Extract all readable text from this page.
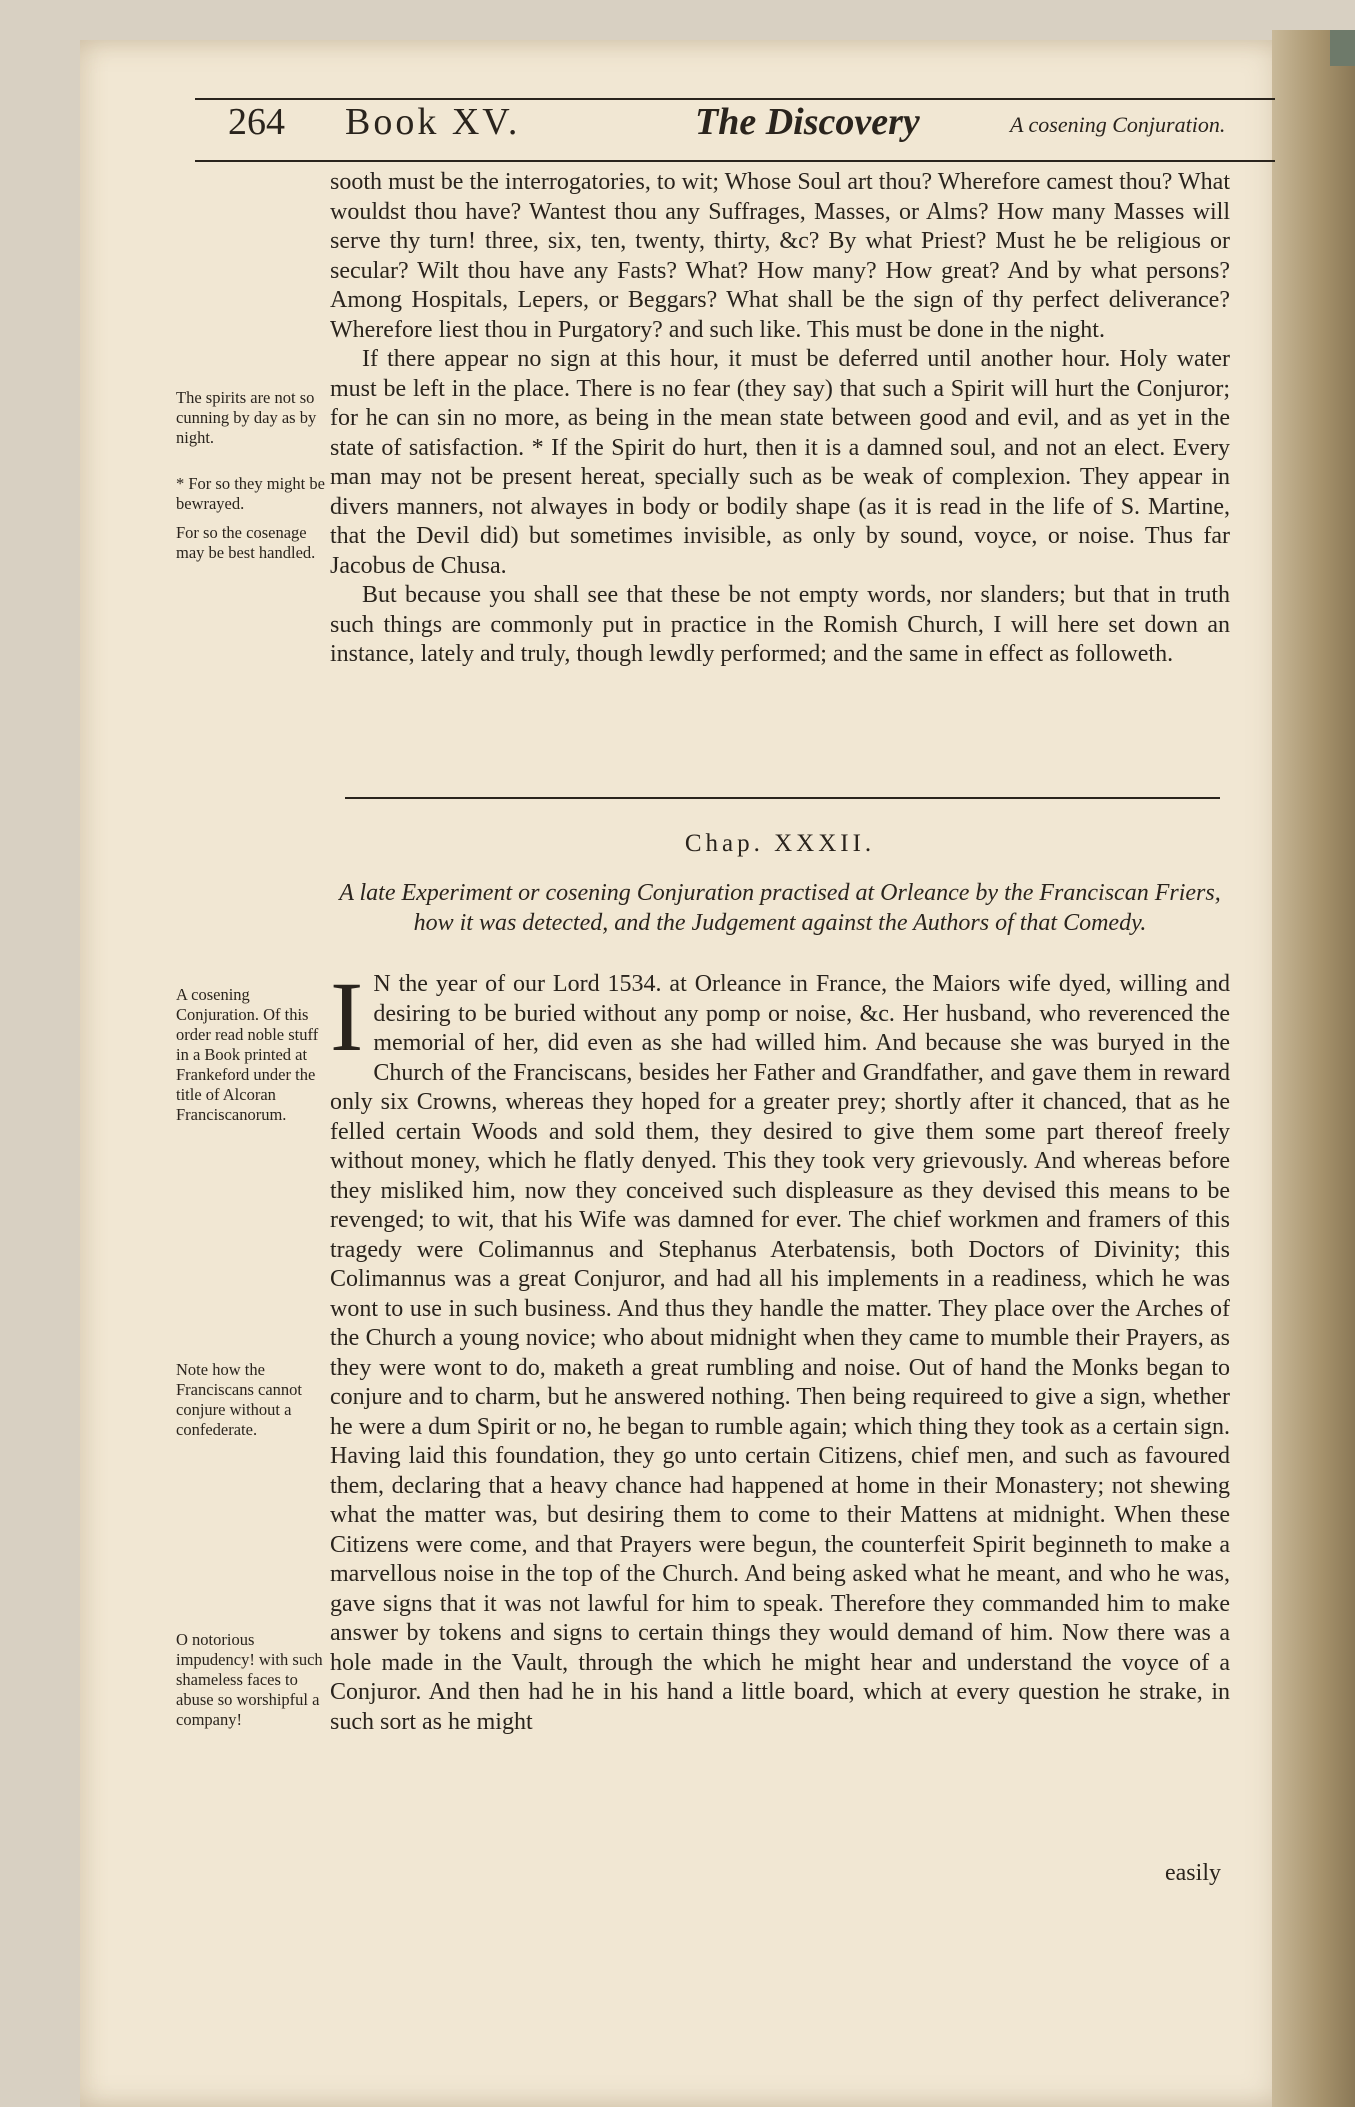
264 Book XV.	The Discovery	A cosening Conjuration.

sooth must be the interrogatories, to wit; Whose Soul art thou? Wherefore camest thou? What wouldst thou have? Wantest thou any Suffrages, Masses, or Alms? How many Masses will serve thy turn! three, six, ten, twenty, thirty, &c? By what Priest? Must he be religious or secular? Wilt thou have any Fasts? What? How many? How great? And by what persons? Among Hospitals, Lepers, or Beggars? What shall be the sign of thy perfect deliverance? Wherefore liest thou in Purgatory? and such like. This must be done in the night.

If there appear no sign at this hour, it must be deferred until another hour. Holy water must be left in the place. There is no fear (they say) that such a Spirit will hurt the Conjuror; for he can sin no more, as being in the mean state between good and evil, and as yet in the state of satisfaction. * If the Spirit do hurt, then it is a damned soul, and not an elect. Every man may not be present hereat, specially such as be weak of complexion. They appear in divers manners, not alwayes in body or bodily shape (as it is read in the life of S. Martine, that the Devil did) but sometimes invisible, as only by sound, voyce, or noise. Thus far Jacobus de Chusa.

But because you shall see that these be not empty words, nor slanders; but that in truth such things are commonly put in practice in the Romish Church, I will here set down an instance, lately and truly, though lewdly performed; and the same in effect as followeth.

The spirits are not so cunning by day as by night.
* For so they might be bewrayed.
For so the cosenage may be best handled.
Chap. XXXII.
A late Experiment or cosening Conjuration practised at Orleance by the Franciscan Friers, how it was detected, and the Judgement against the Authors of that Comedy.
I N the year of our Lord 1534. at Orleance in France, the Maiors wife dyed, willing and desiring to be buried without any pomp or noise, &c. Her husband, who reverenced the memorial of her, did even as she had willed him. And because she was buryed in the Church of the Franciscans, besides her Father and Grandfather, and gave them in reward only six Crowns, whereas they hoped for a greater prey; shortly after it chanced, that as he felled certain Woods and sold them, they desired to give them some part thereof freely without money, which he flatly denyed. This they took very grievously. And whereas before they misliked him, now they conceived such displeasure as they devised this means to be revenged; to wit, that his Wife was damned for ever. The chief workmen and framers of this tragedy were Colimannus and Stephanus Aterbatensis, both Doctors of Divinity; this Colimannus was a great Conjuror, and had all his implements in a readiness, which he was wont to use in such business. And thus they handle the matter. They place over the Arches of the Church a young novice; who about midnight when they came to mumble their Prayers, as they were wont to do, maketh a great rumbling and noise. Out of hand the Monks began to conjure and to charm, but he answered nothing. Then being requireed to give a sign, whether he were a dum Spirit or no, he began to rumble again; which thing they took as a certain sign. Having laid this foundation, they go unto certain Citizens, chief men, and such as favoured them, declaring that a heavy chance had happened at home in their Monastery; not shewing what the matter was, but desiring them to come to their Mattens at midnight. When these Citizens were come, and that Prayers were begun, the counterfeit Spirit beginneth to make a marvellous noise in the top of the Church. And being asked what he meant, and who he was, gave signs that it was not lawful for him to speak. Therefore they commanded him to make answer by tokens and signs to certain things they would demand of him. Now there was a hole made in the Vault, through the which he might hear and understand the voyce of a Conjuror. And then had he in his hand a little board, which at every question he strake, in such sort as he might
A cosening Conjuration. Of this order read noble stuff in a Book printed at Frankeford under the title of Alcoran Franciscanorum.
Note how the Franciscans cannot conjure without a confederate.
O notorious impudency! with such shameless faces to abuse so worshipful a company!
easily
